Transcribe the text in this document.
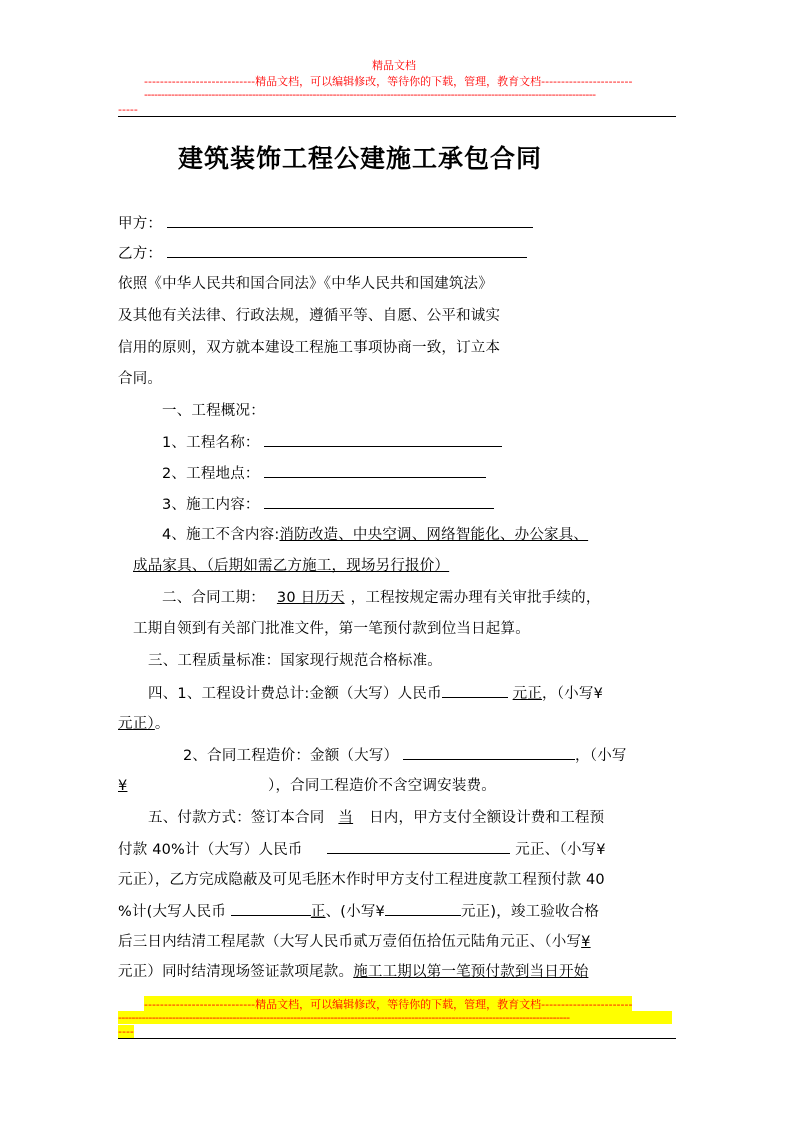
精品文档
----------------------------精品文档，可以编辑修改，等待你的下载，管理，教育文档-----------------------
--------------------------------------------------------------------------------------------------------------------------------------
-----
建筑装饰工程公建施工承包合同
甲方：
乙方：
依照《中华人民共和国合同法》《中华人民共和国建筑法》
及其他有关法律、行政法规，遵循平等、自愿、公平和诚实
信用的原则，双方就本建设工程施工事项协商一致，订立本
合同。
一、工程概况：
1、工程名称：
2、工程地点：
3、施工内容：
4、施工不含内容:消防改造、中央空调、网络智能化、办公家具、
成品家具、（后期如需乙方施工，现场另行报价）
二、合同工期： 30 日历天 ，工程按规定需办理有关审批手续的，
工期自领到有关部门批准文件，第一笔预付款到位当日起算。
三、工程质量标准：国家现行规范合格标准。
四、1、工程设计费总计:金额（大写）人民币	元正，（小写¥
元正）。
2、合同工程造价：金额（大写）	，（小写
¥	），合同工程造价不含空调安装费。
五、付款方式：签订本合同 当 日内，甲方支付全额设计费和工程预
付款 40%计（大写）人民币	元正、（小写¥
元正），乙方完成隐蔽及可见毛胚木作时甲方支付工程进度款工程预付款 40
%计(大写人民币	正、(小写¥	元正)，竣工验收合格
后三日内结清工程尾款（大写人民币贰万壹佰伍拾伍元陆角元正、（小写¥
元正）同时结清现场签证款项尾款。施工工期以第一笔预付款到当日开始
----------------------------精品文档，可以编辑修改，等待你的下载，管理，教育文档-----------------------
--------------------------------------------------------------------------------------------------------------------------------------
----
